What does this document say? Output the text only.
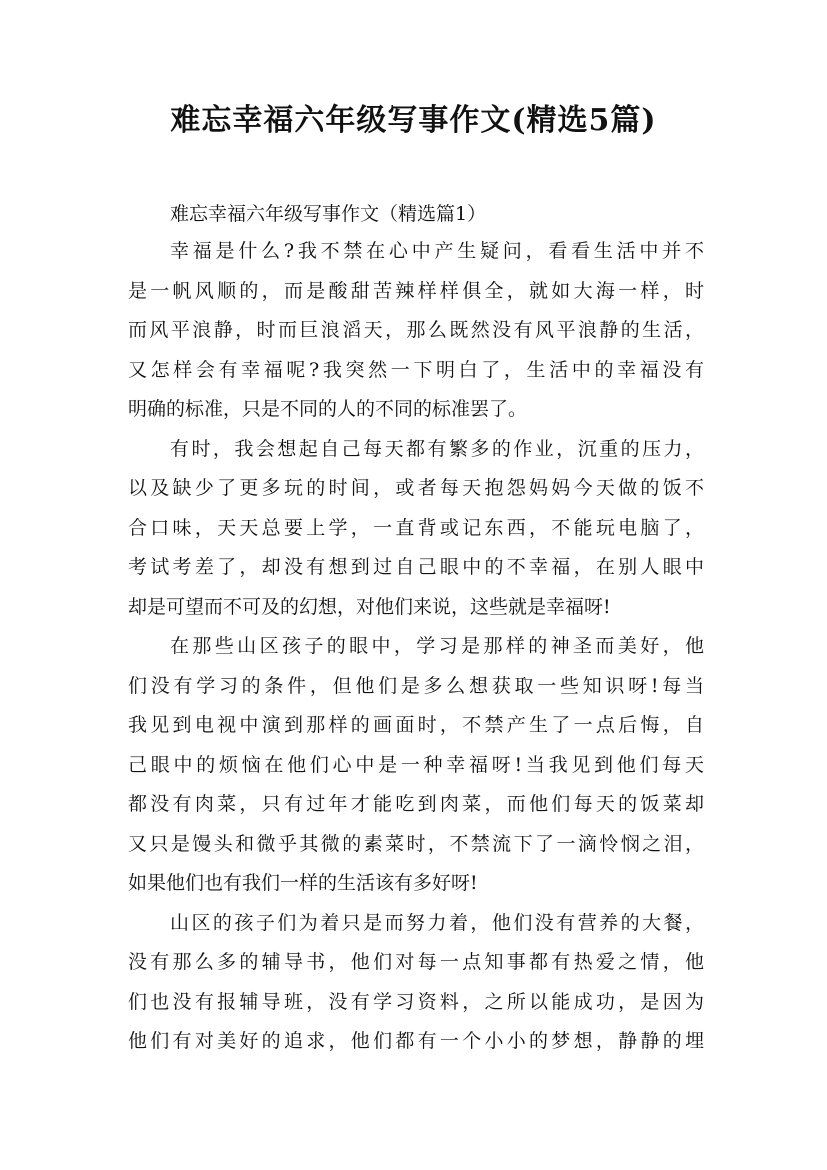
难忘幸福六年级写事作文(精选5篇)
难忘幸福六年级写事作文（精选篇1）
幸福是什么?我不禁在心中产生疑问，看看生活中并不
是一帆风顺的，而是酸甜苦辣样样俱全，就如大海一样，时
而风平浪静，时而巨浪滔天，那么既然没有风平浪静的生活，
又怎样会有幸福呢?我突然一下明白了，生活中的幸福没有
明确的标准，只是不同的人的不同的标准罢了。
有时，我会想起自己每天都有繁多的作业，沉重的压力，
以及缺少了更多玩的时间，或者每天抱怨妈妈今天做的饭不
合口味，天天总要上学，一直背或记东西，不能玩电脑了，
考试考差了，却没有想到过自己眼中的不幸福，在别人眼中
却是可望而不可及的幻想，对他们来说，这些就是幸福呀!
在那些山区孩子的眼中，学习是那样的神圣而美好，他
们没有学习的条件，但他们是多么想获取一些知识呀!每当
我见到电视中演到那样的画面时，不禁产生了一点后悔，自
己眼中的烦恼在他们心中是一种幸福呀!当我见到他们每天
都没有肉菜，只有过年才能吃到肉菜，而他们每天的饭菜却
又只是馒头和微乎其微的素菜时，不禁流下了一滴怜悯之泪，
如果他们也有我们一样的生活该有多好呀!
山区的孩子们为着只是而努力着，他们没有营养的大餐，
没有那么多的辅导书，他们对每一点知事都有热爱之情，他
们也没有报辅导班，没有学习资料，之所以能成功，是因为
他们有对美好的追求，他们都有一个小小的梦想，静静的埋
